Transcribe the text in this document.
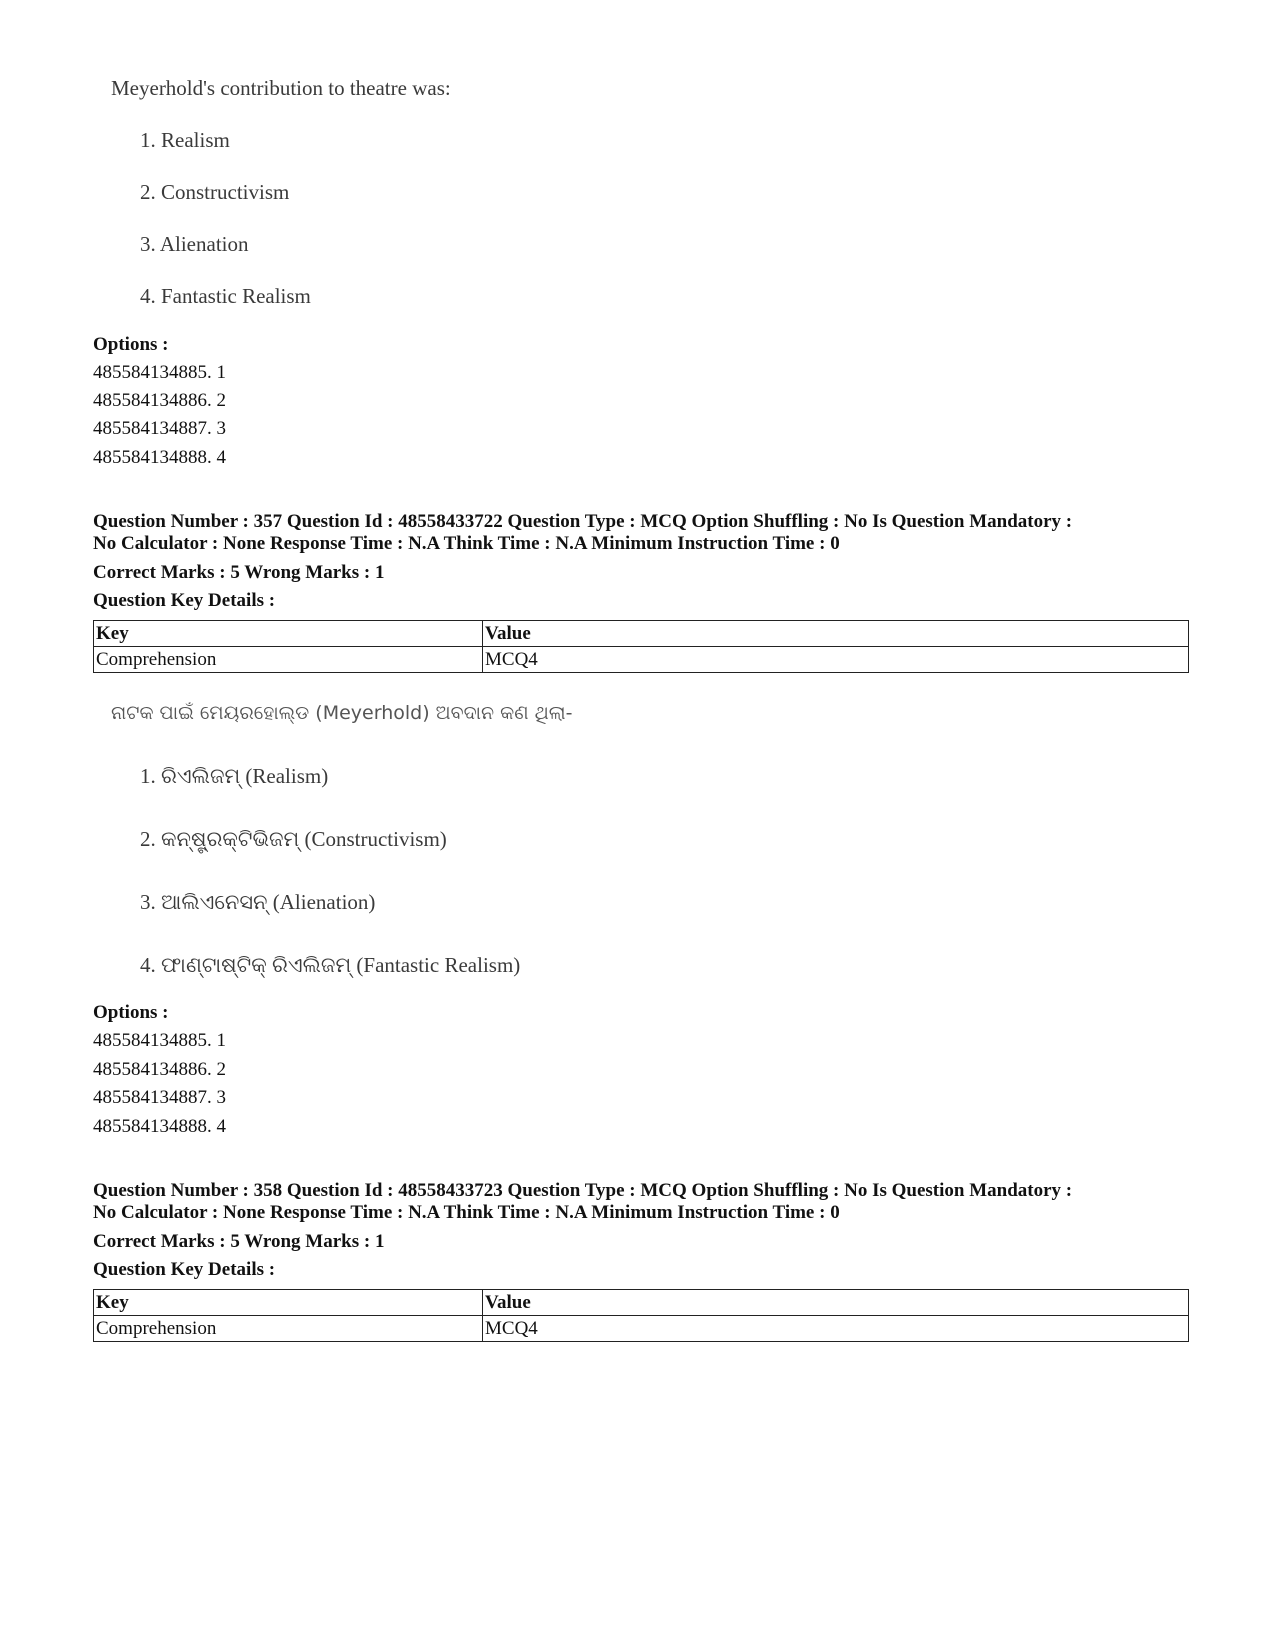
Meyerhold's contribution to theatre was:
1. Realism
2. Constructivism
3. Alienation
4. Fantastic Realism
Options :
485584134885. 1
485584134886. 2
485584134887. 3
485584134888. 4
Question Number : 357 Question Id : 48558433722 Question Type : MCQ Option Shuffling : No Is Question Mandatory :
No Calculator : None Response Time : N.A Think Time : N.A Minimum Instruction Time : 0
Correct Marks : 5 Wrong Marks : 1
Question Key Details :
Key	Value
Comprehension	MCQ4
ନାଟକ ପାଇଁ ମେୟରହୋଲ୍ଡ (Meyerhold) ଅବଦାନ କଣ ଥିଲା-
1. ରିଏଲିଜମ୍ (Realism)
2. କନ୍ଷ୍ଟ୍ରକ୍ଟିଭିଜମ୍ (Constructivism)
3. ଆଲିଏନେସନ୍ (Alienation)
4. ଫାଣ୍ଟାଷ୍ଟିକ୍ ରିଏଲିଜମ୍ (Fantastic Realism)
Options :
485584134885. 1
485584134886. 2
485584134887. 3
485584134888. 4
Question Number : 358 Question Id : 48558433723 Question Type : MCQ Option Shuffling : No Is Question Mandatory :
No Calculator : None Response Time : N.A Think Time : N.A Minimum Instruction Time : 0
Correct Marks : 5 Wrong Marks : 1
Question Key Details :
Key	Value
Comprehension	MCQ4
